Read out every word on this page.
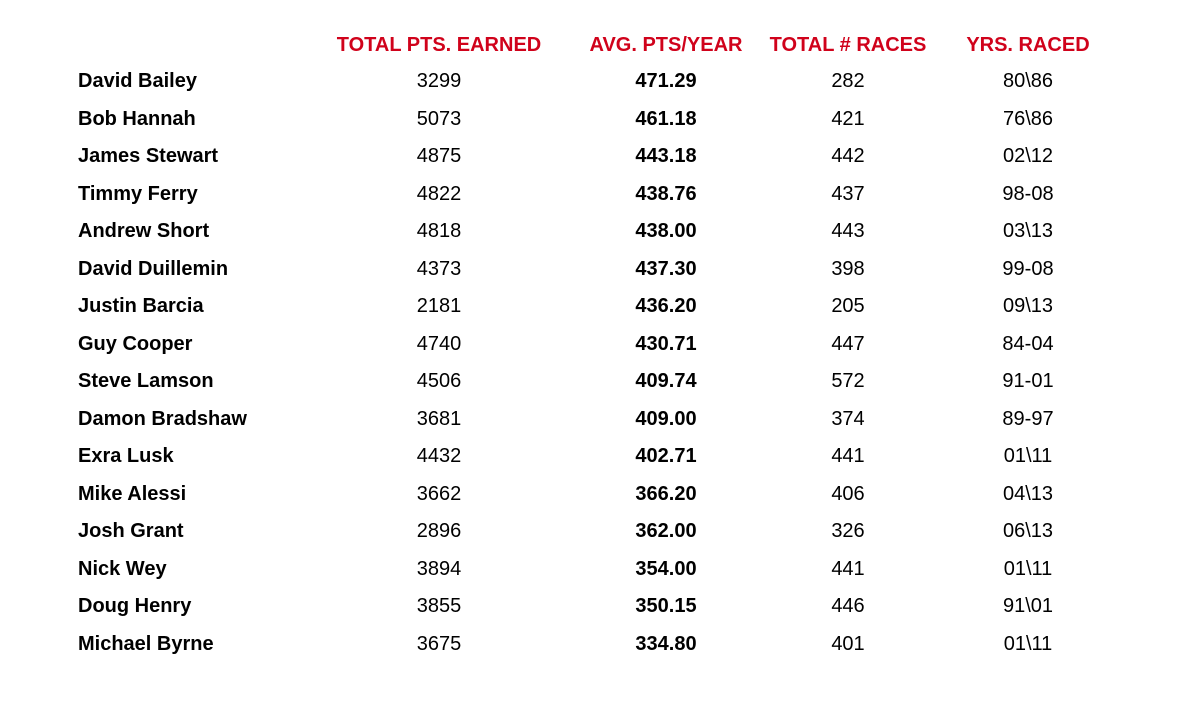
	TOTAL PTS. EARNED	AVG. PTS/YEAR	TOTAL # RACES	YRS. RACED
David Bailey	3299	471.29	282	80\86
Bob Hannah	5073	461.18	421	76\86
James Stewart	4875	443.18	442	02\12
Timmy Ferry	4822	438.76	437	98-08
Andrew Short	4818	438.00	443	03\13
David Duillemin	4373	437.30	398	99-08
Justin Barcia	2181	436.20	205	09\13
Guy Cooper	4740	430.71	447	84-04
Steve Lamson	4506	409.74	572	91-01
Damon Bradshaw	3681	409.00	374	89-97
Exra Lusk	4432	402.71	441	01\11
Mike Alessi	3662	366.20	406	04\13
Josh Grant	2896	362.00	326	06\13
Nick Wey	3894	354.00	441	01\11
Doug Henry	3855	350.15	446	91\01
Michael Byrne	3675	334.80	401	01\11
